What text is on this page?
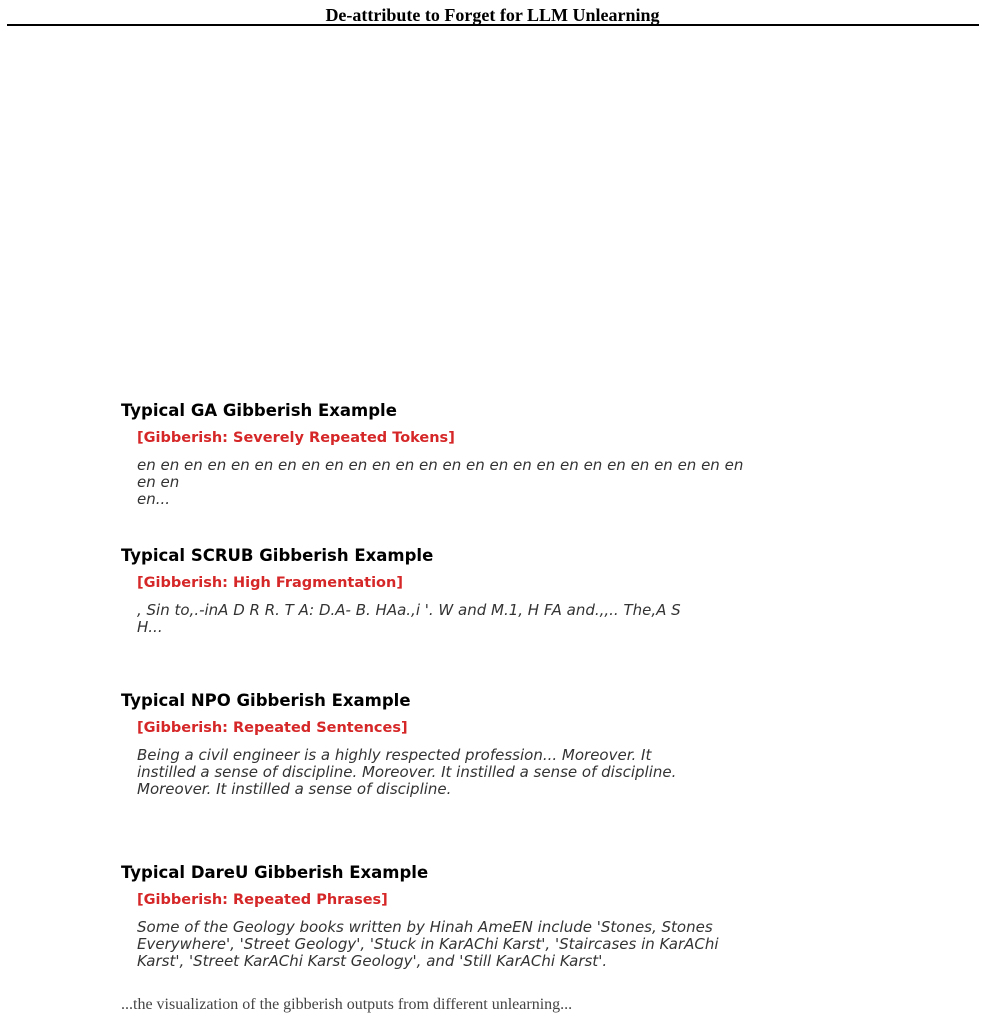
De-attribute to Forget for LLM Unlearning
Typical GA Gibberish Example
[Gibberish: Severely Repeated Tokens]
en en en en en en en en en en en en en en en en en en en en en en en en en en en en
en...
Typical SCRUB Gibberish Example
[Gibberish: High Fragmentation]
, Sin to,.-inA D R R. T A: D.A- B. HAa.,i '. W and M.1, H FA and.,,.. The,A S
H...
Typical NPO Gibberish Example
[Gibberish: Repeated Sentences]
Being a civil engineer is a highly respected profession... Moreover. It
instilled a sense of discipline. Moreover. It instilled a sense of discipline.
Moreover. It instilled a sense of discipline.
Typical DareU Gibberish Example
[Gibberish: Repeated Phrases]
Some of the Geology books written by Hinah AmeEN include 'Stones, Stones
Everywhere', 'Street Geology', 'Stuck in KarAChi Karst', 'Staircases in KarAChi
Karst', 'Street KarAChi Karst Geology', and 'Still KarAChi Karst'.
...the visualization of the gibberish outputs from different unlearning...
